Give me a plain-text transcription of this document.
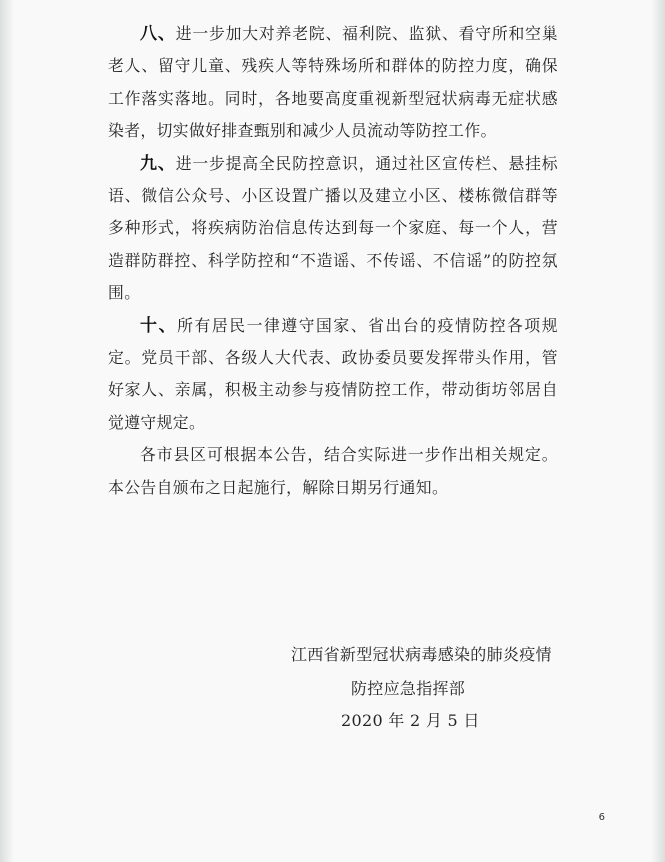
八、进一步加大对养老院、福利院、监狱、看守所和空巢老人、留守儿童、残疾人等特殊场所和群体的防控力度，确保工作落实落地。同时，各地要高度重视新型冠状病毒无症状感染者，切实做好排查甄别和减少人员流动等防控工作。

九、进一步提高全民防控意识，通过社区宣传栏、悬挂标语、微信公众号、小区设置广播以及建立小区、楼栋微信群等多种形式，将疾病防治信息传达到每一个家庭、每一个人，营造群防群控、科学防控和“不造谣、不传谣、不信谣”的防控氛围。

十、所有居民一律遵守国家、省出台的疫情防控各项规定。党员干部、各级人大代表、政协委员要发挥带头作用，管好家人、亲属，积极主动参与疫情防控工作，带动街坊邻居自觉遵守规定。

各市县区可根据本公告，结合实际进一步作出相关规定。本公告自颁布之日起施行，解除日期另行通知。

江西省新型冠状病毒感染的肺炎疫情
防控应急指挥部
2020 年 2 月 5 日
6
